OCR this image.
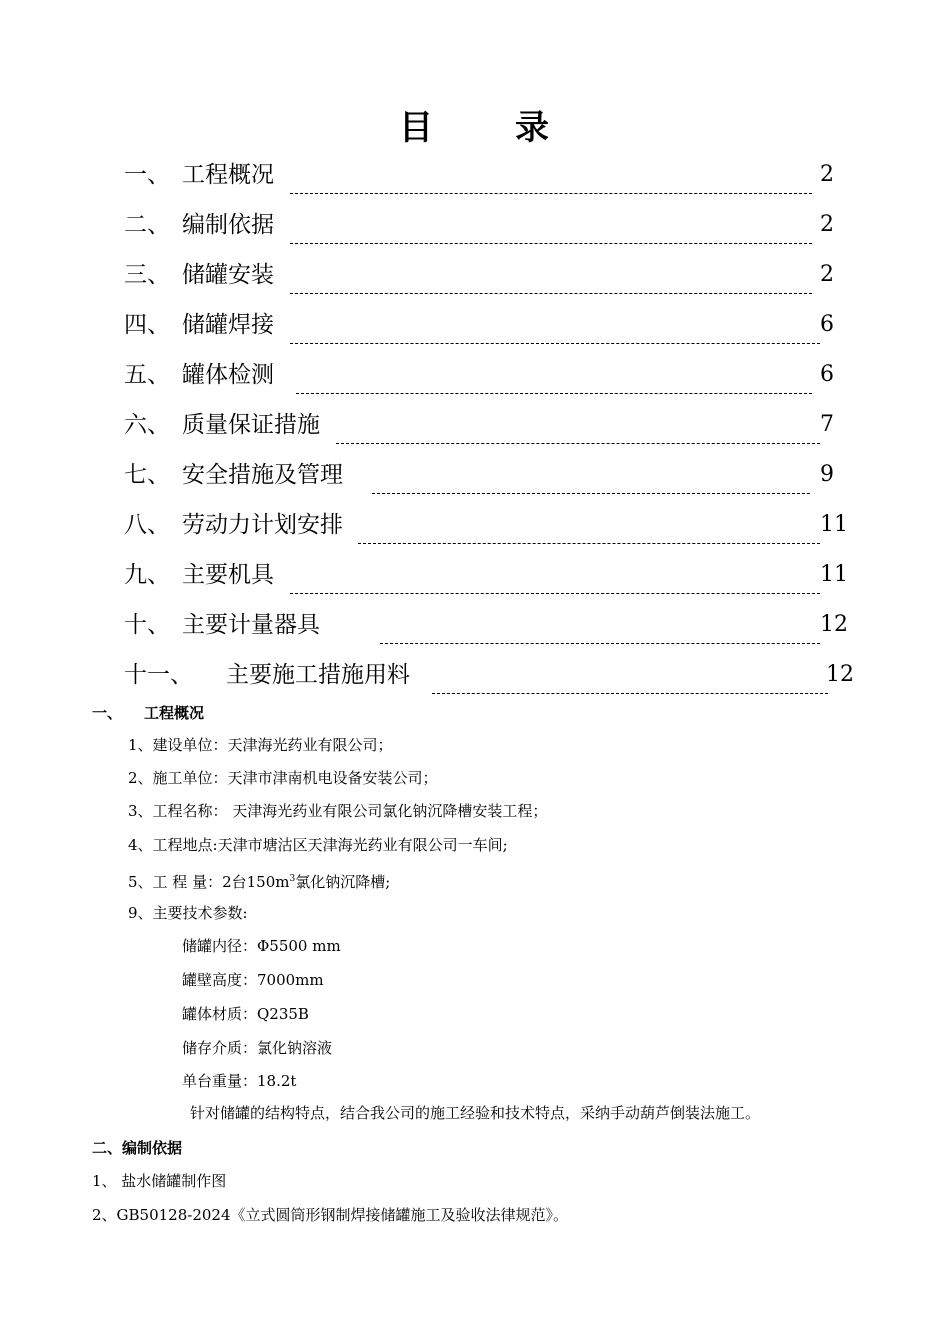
目 录
一、 工程概况	2
二、 编制依据	2
三、 储罐安装	2
四、 储罐焊接	6
五、 罐体检测	6
六、 质量保证措施	7
七、 安全措施及管理	9
八、 劳动力计划安排	11
九、 主要机具	11
十、 主要计量器具	12
十一、 主要施工措施用料	12
一、 工程概况
1、建设单位：天津海光药业有限公司；
2、施工单位：天津市津南机电设备安装公司；
3、工程名称： 天津海光药业有限公司氯化钠沉降槽安装工程；
4、工程地点:天津市塘沽区天津海光药业有限公司一车间;
5、工 程 量：2台$150m^3$氯化钠沉降槽;
9、主要技术参数:
储罐内径：Φ5500 mm
罐壁高度：7000mm
罐体材质：Q235B
储存介质：氯化钠溶液
单台重量：18.2t
针对储罐的结构特点，结合我公司的施工经验和技术特点，采纳手动葫芦倒装法施工。
二、编制依据
1、 盐水储罐制作图
2、GB50128-2024《立式圆筒形钢制焊接储罐施工及验收法律规范》。
